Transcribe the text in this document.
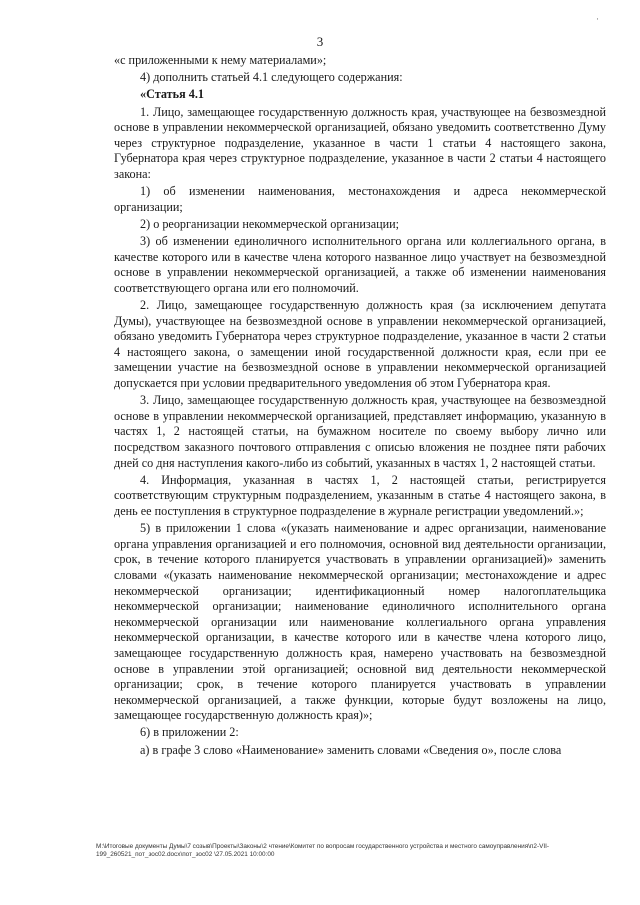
·
3

«с приложенными к нему материалами»;

4) дополнить статьей 4.1 следующего содержания:

«Статья 4.1

1. Лицо, замещающее государственную должность края, участвующее на безвозмездной основе в управлении некоммерческой организацией, обязано уведомить соответственно Думу через структурное подразделение, указанное в части 1 статьи 4 настоящего закона, Губернатора края через структурное подразделение, указанное в части 2 статьи 4 настоящего закона:

1) об изменении наименования, местонахождения и адреса некоммерческой организации;

2) о реорганизации некоммерческой организации;

3) об изменении единоличного исполнительного органа или коллегиального органа, в качестве которого или в качестве члена которого названное лицо участвует на безвозмездной основе в управлении некоммерческой организацией, а также об изменении наименования соответствующего органа или его полномочий.

2. Лицо, замещающее государственную должность края (за исключением депутата Думы), участвующее на безвозмездной основе в управлении некоммерческой организацией, обязано уведомить Губернатора через структурное подразделение, указанное в части 2 статьи 4 настоящего закона, о замещении иной государственной должности края, если при ее замещении участие на безвозмездной основе в управлении некоммерческой организацией допускается при условии предварительного уведомления об этом Губернатора края.

3. Лицо, замещающее государственную должность края, участвующее на безвозмездной основе в управлении некоммерческой организацией, представляет информацию, указанную в частях 1, 2 настоящей статьи, на бумажном носителе по своему выбору лично или посредством заказного почтового отправления с описью вложения не позднее пяти рабочих дней со дня наступления какого-либо из событий, указанных в частях 1, 2 настоящей статьи.

4. Информация, указанная в частях 1, 2 настоящей статьи, регистрируется соответствующим структурным подразделением, указанным в статье 4 настоящего закона, в день ее поступления в структурное подразделение в журнале регистрации уведомлений.»;

5) в приложении 1 слова «(указать наименование и адрес организации, наименование органа управления организацией и его полномочия, основной вид деятельности организации, срок, в течение которого планируется участвовать в управлении организацией)» заменить словами «(указать наименование некоммерческой организации; местонахождение и адрес некоммерческой организации; идентификационный номер налогоплательщика некоммерческой организации; наименование единоличного исполнительного органа некоммерческой организации или наименование коллегиального органа управления некоммерческой организации, в качестве которого или в качестве члена которого лицо, замещающее государственную должность края, намерено участвовать на безвозмездной основе в управлении этой организацией; основной вид деятельности некоммерческой организации; срок, в течение которого планируется участвовать в управлении некоммерческой организацией, а также функции, которые будут возложены на лицо, замещающее государственную должность края)»;

6) в приложении 2:

а) в графе 3 слово «Наименование» заменить словами «Сведения о», после слова

M:\Итоговые документы Думы\7 созыв\Проекты\Законы\2 чтение\Комитет по вопросам государственного устройства и местного самоуправления\п2-VII-199_260521_пот_зос02.docx\пот_зос02 \27.05.2021 10:00:00
